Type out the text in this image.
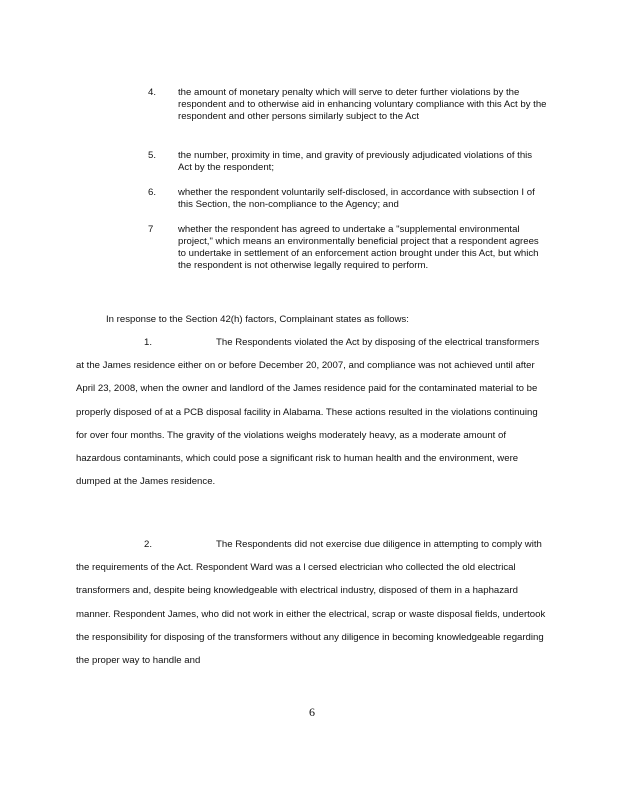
4.	the amount of monetary penalty which will serve to deter further violations by the respondent and to otherwise aid in enhancing voluntary compliance with this Act by the respondent and other persons similarly subject to the Act
5.	the number, proximity in time, and gravity of previously adjudicated violations of this Act by the respondent;
6.	whether the respondent voluntarily self-disclosed, in accordance with subsection I of this Section, the non-compliance to the Agency; and
7	whether the respondent has agreed to undertake a "supplemental environmental project," which means an environmentally beneficial project that a respondent agrees to undertake in settlement of an enforcement action brought under this Act, but which the respondent is not otherwise legally required to perform.
In response to the Section 42(h) factors, Complainant states as follows:
1.	The Respondents violated the Act by disposing of the electrical transformers at the James residence either on or before December 20, 2007, and compliance was not achieved until after April 23, 2008, when the owner and landlord of the James residence paid for the contaminated material to be properly disposed of at a PCB disposal facility in Alabama. These actions resulted in the violations continuing for over four months. The gravity of the violations weighs moderately heavy, as a moderate amount of hazardous contaminants, which could pose a significant risk to human health and the environment, were dumped at the James residence.
2.	The Respondents did not exercise due diligence in attempting to comply with the requirements of the Act. Respondent Ward was a l cersed electrician who collected the old electrical transformers and, despite being knowledgeable with electrical industry, disposed of them in a haphazard manner. Respondent James, who did not work in either the electrical, scrap or waste disposal fields, undertook the responsibility for disposing of the transformers without any diligence in becoming knowledgeable regarding the proper way to handle and
6
